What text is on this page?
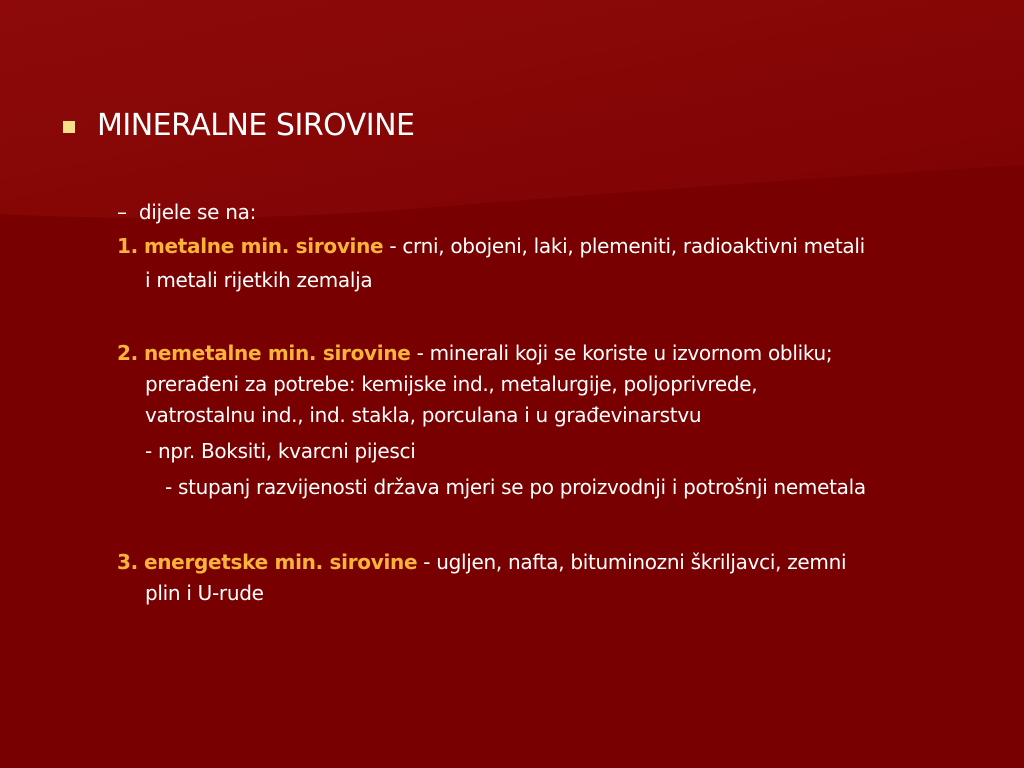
MINERALNE SIROVINE
– dijele se na:
1. metalne min. sirovine - crni, obojeni, laki, plemeniti, radioaktivni metali
i metali rijetkih zemalja
2. nemetalne min. sirovine - minerali koji se koriste u izvornom obliku;
prerađeni za potrebe: kemijske ind., metalurgije, poljoprivrede,
vatrostalnu ind., ind. stakla, porculana i u građevinarstvu
- npr. Boksiti, kvarcni pijesci
- stupanj razvijenosti država mjeri se po proizvodnji i potrošnji nemetala
3. energetske min. sirovine - ugljen, nafta, bituminozni škriljavci, zemni
plin i U-rude
